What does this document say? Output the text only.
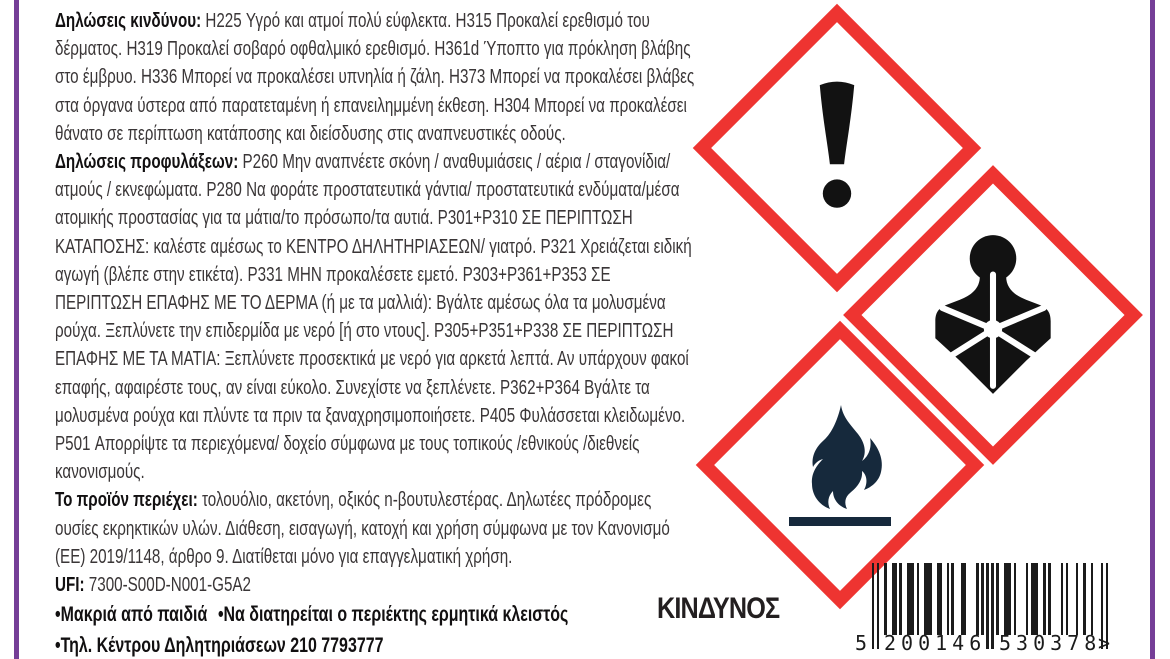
Δηλώσεις κινδύνου: H225 Υγρό και ατμοί πολύ εύφλεκτα. H315 Προκαλεί ερεθισμό του δέρματος. H319 Προκαλεί σοβαρό οφθαλμικό ερεθισμό. H361d Ύποπτο για πρόκληση βλάβης στο έμβρυο. H336 Μπορεί να προκαλέσει υπνηλία ή ζάλη. H373 Μπορεί να προκαλέσει βλάβες στα όργανα ύστερα από παρατεταμένη ή επανειλημμένη έκθεση. H304 Μπορεί να προκαλέσει θάνατο σε περίπτωση κατάποσης και διείσδυσης στις αναπνευστικές οδούς.

Δηλώσεις προφυλάξεων: P260 Μην αναπνέετε σκόνη / αναθυμιάσεις / αέρια / σταγονίδια/ ατμούς / εκνεφώματα. P280 Να φοράτε προστατευτικά γάντια/ προστατευτικά ενδύματα/μέσα ατομικής προστασίας για τα μάτια/το πρόσωπο/τα αυτιά. P301+P310 ΣΕ ΠΕΡΙΠΤΩΣΗ ΚΑΤΑΠΟΣΗΣ: καλέστε αμέσως το ΚΕΝΤΡΟ ΔΗΛΗΤΗΡΙΑΣΕΩΝ/ γιατρό. P321 Χρειάζεται ειδική αγωγή (βλέπε στην ετικέτα). P331 ΜΗΝ προκαλέσετε εμετό. P303+P361+P353 ΣΕ ΠΕΡΙΠΤΩΣΗ ΕΠΑΦΗΣ ΜΕ ΤΟ ΔΕΡΜΑ (ή με τα μαλλιά): Βγάλτε αμέσως όλα τα μολυσμένα ρούχα. Ξεπλύνετε την επιδερμίδα με νερό [ή στο ντους]. P305+P351+P338 ΣΕ ΠΕΡΙΠΤΩΣΗ ΕΠΑΦΗΣ ΜΕ ΤΑ ΜΑΤΙΑ: Ξεπλύνετε προσεκτικά με νερό για αρκετά λεπτά. Αν υπάρχουν φακοί επαφής, αφαιρέστε τους, αν είναι εύκολο. Συνεχίστε να ξεπλένετε. P362+P364 Βγάλτε τα μολυσμένα ρούχα και πλύντε τα πριν τα ξαναχρησιμοποιήσετε. P405 Φυλάσσεται κλειδωμένο. P501 Απορρίψτε τα περιεχόμενα/ δοχείο σύμφωνα με τους τοπικούς /εθνικούς /διεθνείς κανονισμούς.

Το προϊόν περιέχει: τολουόλιο, ακετόνη, οξικός n-βουτυλεστέρας. Δηλωτέες πρόδρομες ουσίες εκρηκτικών υλών. Διάθεση, εισαγωγή, κατοχή και χρήση σύμφωνα με τον Κανονισμό (ΕΕ) 2019/1148, άρθρο 9. Διατίθεται μόνο για επαγγελματική χρήση.

UFI: 7300-S00D-N001-G5A2

•Μακριά από παιδιά •Να διατηρείται ο περιέκτης ερμητικά κλειστός

•Τηλ. Κέντρου Δηλητηριάσεων 210 7793777

ΚΙΝΔΥΝΟΣ
5 200146 530378
>
